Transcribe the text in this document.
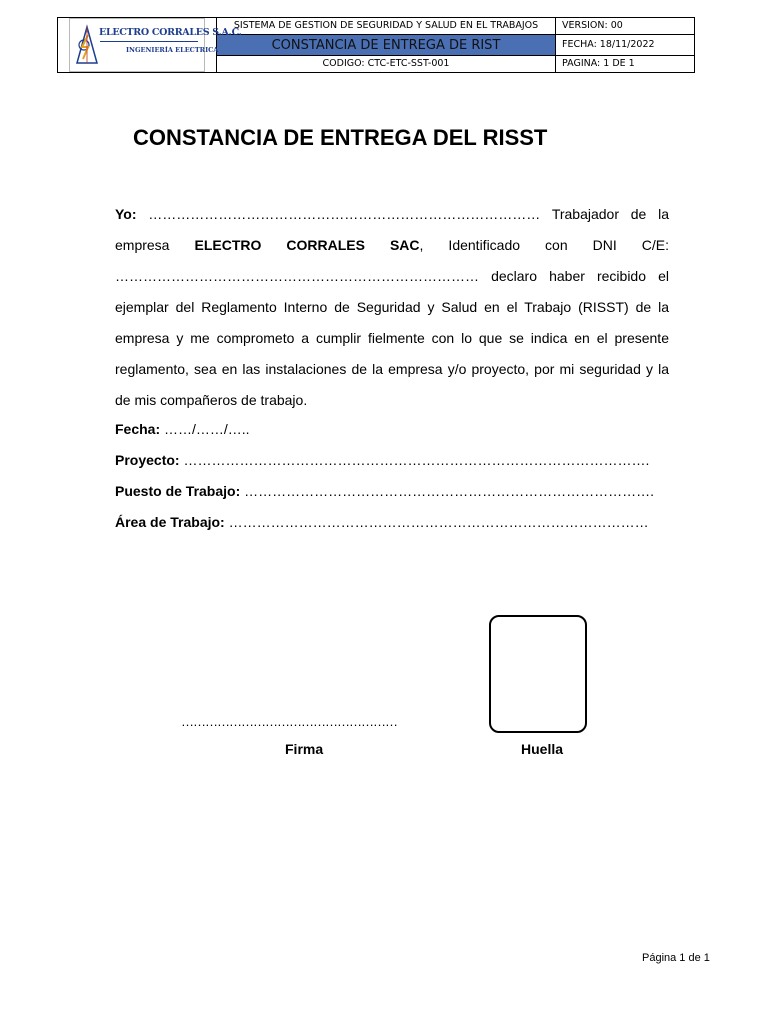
ELECTRO CORRALES S.A.C.
INGENIERÍA ELECTRICA	SISTEMA DE GESTION DE SEGURIDAD Y SALUD EN EL TRABAJOS	VERSION: 00
	CONSTANCIA DE ENTREGA DE RIST	FECHA: 18/11/2022
	CODIGO: CTC-ETC-SST-001	PAGINA: 1 DE 1
CONSTANCIA DE ENTREGA DEL RISST

Yo: ………………………………………………………………………… Trabajador de la empresa ELECTRO CORRALES SAC, Identificado con DNI C/E: …………………………………………………………………… declaro haber recibido el ejemplar del Reglamento Interno de Seguridad y Salud en el Trabajo (RISST) de la empresa y me comprometo a cumplir fielmente con lo que se indica en el presente reglamento, sea en las instalaciones de la empresa y/o proyecto, por mi seguridad y la de mis compañeros de trabajo.

Fecha: ……/……/…..
Proyecto: ……………………………………………………………………………………….
Puesto de Trabajo: …………………………………………………………………………….
Área de Trabajo: ………………………………………………………………………………
………………………………………………
Firma	Huella
Página 1 de 1
